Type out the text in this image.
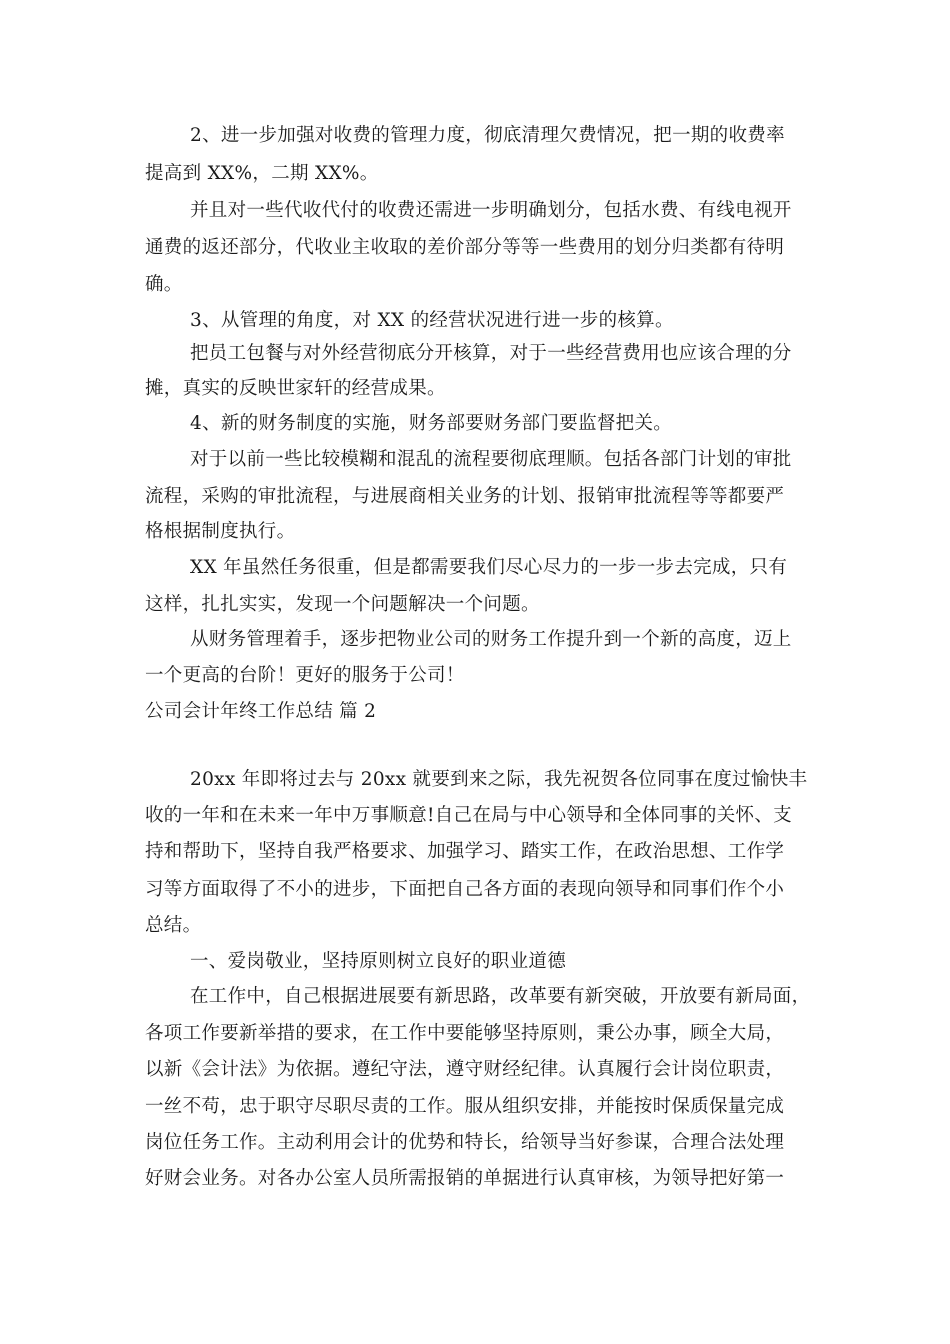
2、进一步加强对收费的管理力度，彻底清理欠费情况，把一期的收费率
提高到 XX%，二期 XX%。
并且对一些代收代付的收费还需进一步明确划分，包括水费、有线电视开
通费的返还部分，代收业主收取的差价部分等等一些费用的划分归类都有待明
确。
3、从管理的角度，对 XX 的经营状况进行进一步的核算。
把员工包餐与对外经营彻底分开核算，对于一些经营费用也应该合理的分
摊，真实的反映世家轩的经营成果。
4、新的财务制度的实施，财务部要财务部门要监督把关。
对于以前一些比较模糊和混乱的流程要彻底理顺。包括各部门计划的审批
流程，采购的审批流程，与进展商相关业务的计划、报销审批流程等等都要严
格根据制度执行。
XX 年虽然任务很重，但是都需要我们尽心尽力的一步一步去完成，只有
这样，扎扎实实，发现一个问题解决一个问题。
从财务管理着手，逐步把物业公司的财务工作提升到一个新的高度，迈上
一个更高的台阶！更好的服务于公司！
公司会计年终工作总结 篇 2
20xx 年即将过去与 20xx 就要到来之际，我先祝贺各位同事在度过愉快丰
收的一年和在未来一年中万事顺意!自己在局与中心领导和全体同事的关怀、支
持和帮助下，坚持自我严格要求、加强学习、踏实工作，在政治思想、工作学
习等方面取得了不小的进步，下面把自己各方面的表现向领导和同事们作个小
总结。
一、爱岗敬业，坚持原则树立良好的职业道德
在工作中，自己根据进展要有新思路，改革要有新突破，开放要有新局面，
各项工作要新举措的要求，在工作中要能够坚持原则，秉公办事，顾全大局，
以新《会计法》为依据。遵纪守法，遵守财经纪律。认真履行会计岗位职责，
一丝不苟，忠于职守尽职尽责的工作。服从组织安排，并能按时保质保量完成
岗位任务工作。主动利用会计的优势和特长，给领导当好参谋，合理合法处理
好财会业务。对各办公室人员所需报销的单据进行认真审核，为领导把好第一
